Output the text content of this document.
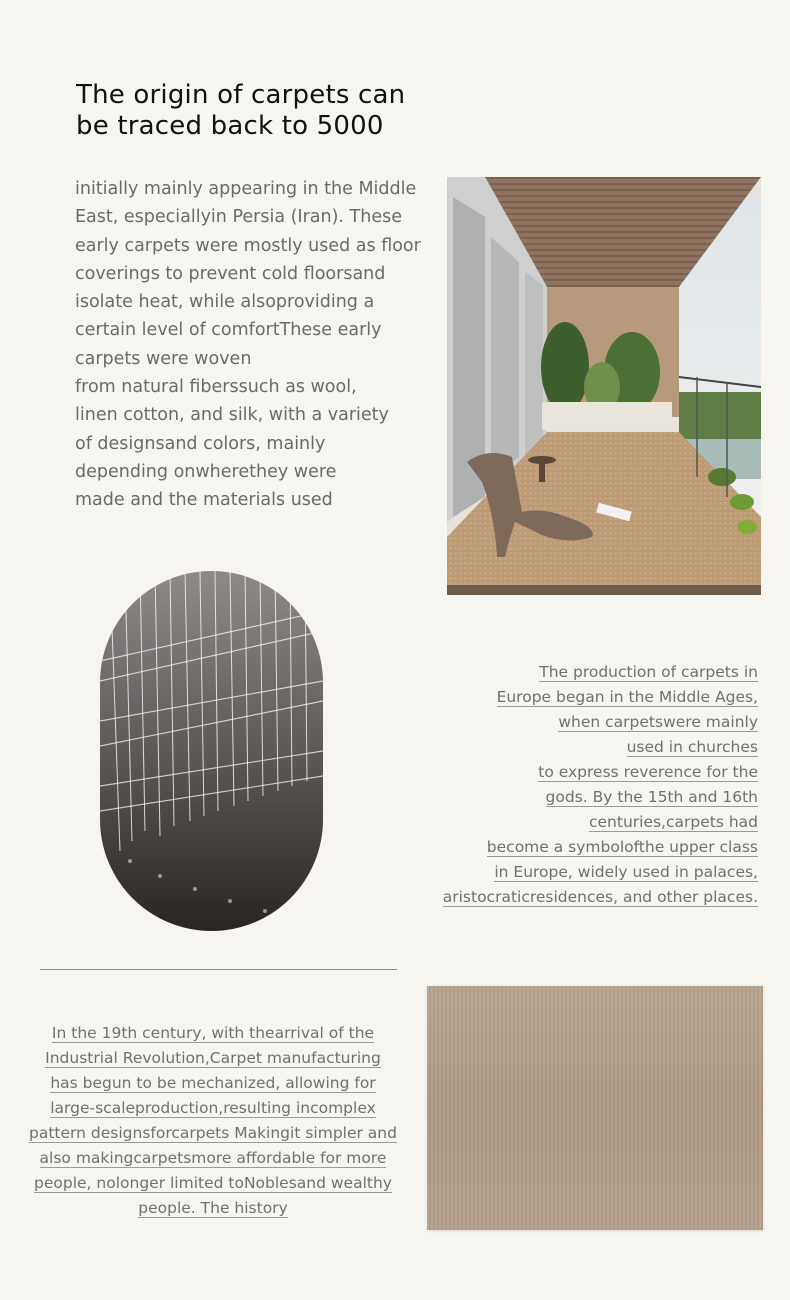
The origin of carpets can
be traced back to 5000
initially mainly appearing in the Middle
East, especiallyin Persia (Iran). These
early carpets were mostly used as floor
coverings to prevent cold floorsand
isolate heat, while alsoproviding a
certain level of comfortThese early
carpets were woven
from natural fiberssuch as wool,
linen cotton, and silk, with a variety
of designsand colors, mainly
depending onwherethey were
made and the materials used
The production of carpets in
Europe began in the Middle Ages,
when carpetswere mainly
used in churches
to express reverence for the
gods. By the 15th and 16th
centuries,carpets had
become a symbolofthe upper class
in Europe, widely used in palaces,
aristocraticresidences, and other places.
In the 19th century, with thearrival of the
Industrial Revolution,Carpet manufacturing
has begun to be mechanized, allowing for
large-scaleproduction,resulting incomplex
pattern designsforcarpets Makingit simpler and
also makingcarpetsmore affordable for more
people, nolonger limited toNoblesand wealthy
people. The history
